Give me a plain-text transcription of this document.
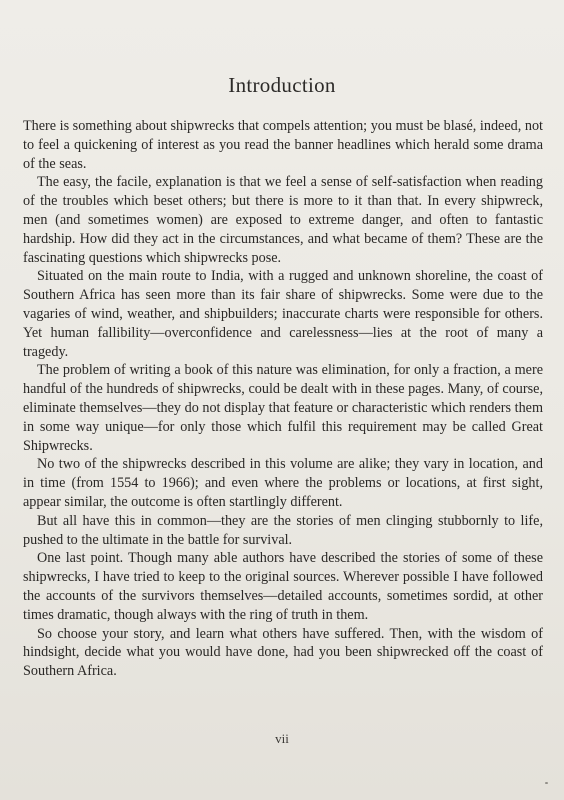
Introduction

There is something about shipwrecks that compels attention; you must be blasé, indeed, not to feel a quickening of interest as you read the banner headlines which herald some drama of the seas.

The easy, the facile, explanation is that we feel a sense of self-satisfaction when reading of the troubles which beset others; but there is more to it than that. In every shipwreck, men (and sometimes women) are exposed to extreme danger, and often to fantastic hardship. How did they act in the circumstances, and what became of them? These are the fascinating questions which shipwrecks pose.

Situated on the main route to India, with a rugged and unknown shoreline, the coast of Southern Africa has seen more than its fair share of shipwrecks. Some were due to the vagaries of wind, weather, and shipbuilders; inaccurate charts were responsible for others. Yet human fallibility—overconfidence and carelessness—lies at the root of many a tragedy.

The problem of writing a book of this nature was elimination, for only a fraction, a mere handful of the hundreds of shipwrecks, could be dealt with in these pages. Many, of course, eliminate themselves—they do not display that feature or characteristic which renders them in some way unique—for only those which fulfil this requirement may be called Great Shipwrecks.

No two of the shipwrecks described in this volume are alike; they vary in location, and in time (from 1554 to 1966); and even where the problems or locations, at first sight, appear similar, the outcome is often startlingly different.

But all have this in common—they are the stories of men clinging stubbornly to life, pushed to the ultimate in the battle for survival.

One last point. Though many able authors have described the stories of some of these shipwrecks, I have tried to keep to the original sources. Wherever possible I have followed the accounts of the survivors themselves—detailed accounts, sometimes sordid, at other times dramatic, though always with the ring of truth in them.

So choose your story, and learn what others have suffered. Then, with the wisdom of hindsight, decide what you would have done, had you been shipwrecked off the coast of Southern Africa.

vii
